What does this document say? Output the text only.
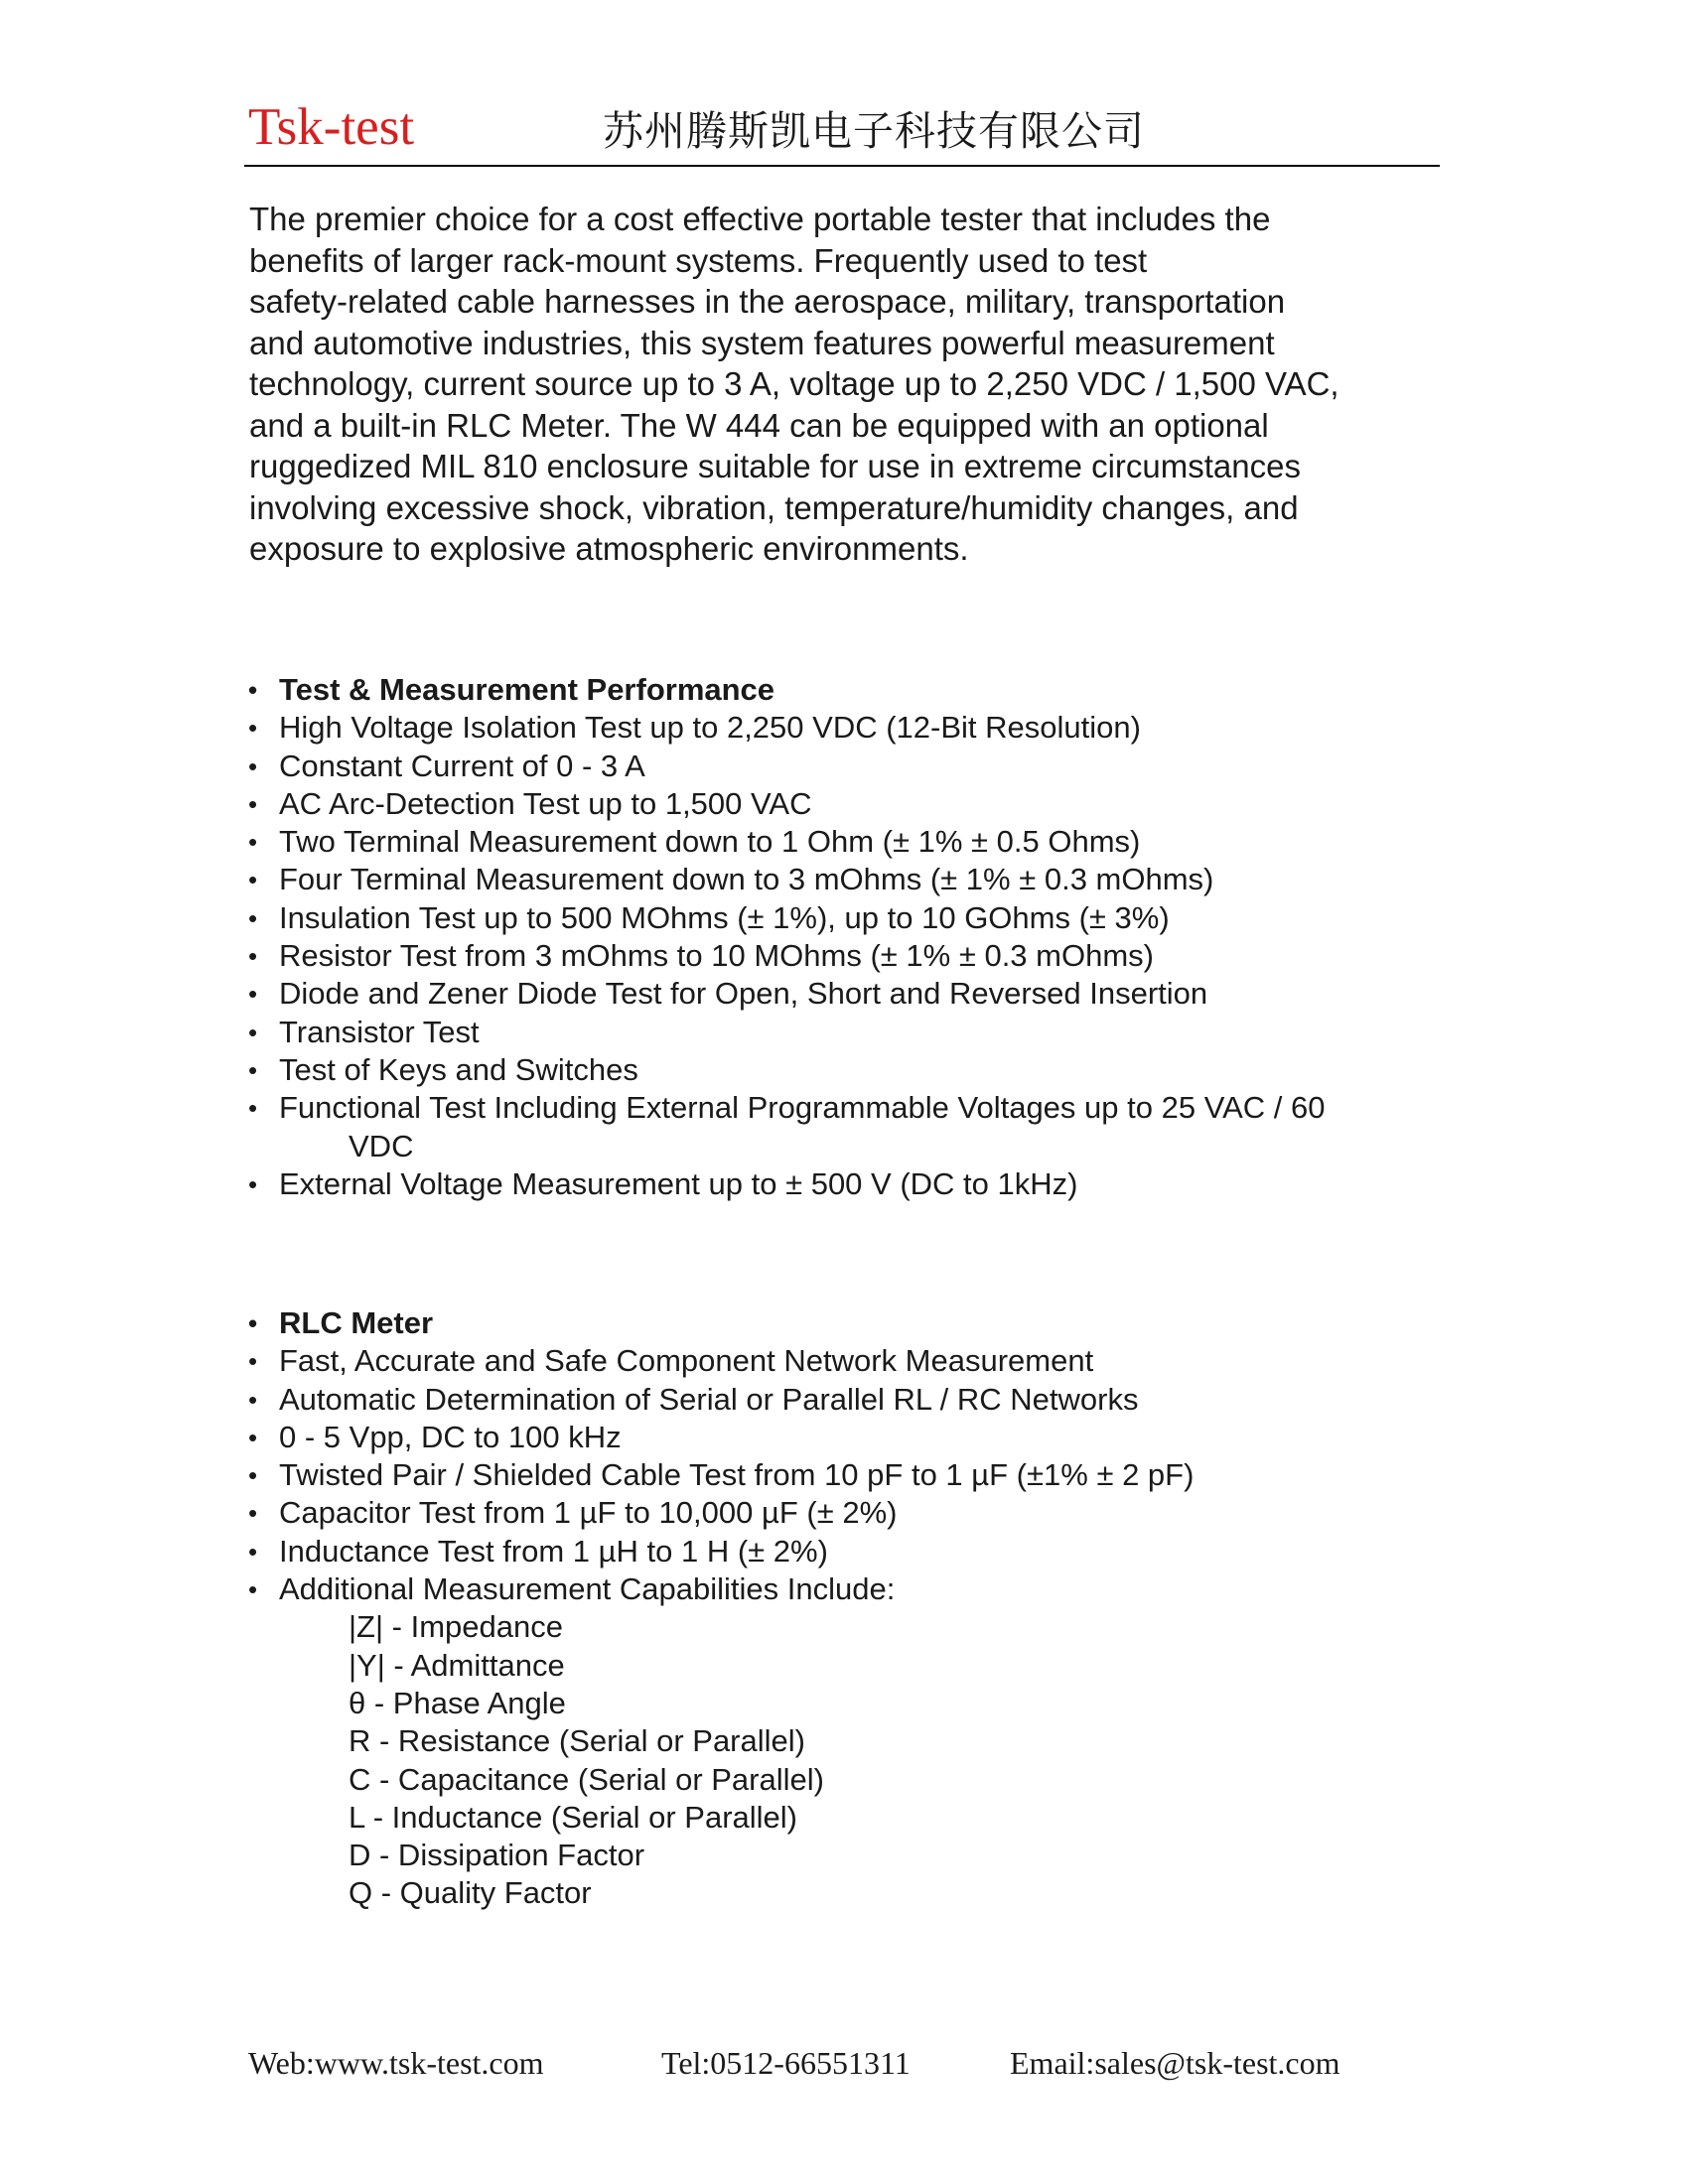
Tsk-test	苏州腾斯凯电子科技有限公司

The premier choice for a cost effective portable tester that includes the
benefits of larger rack-mount systems. Frequently used to test
safety-related cable harnesses in the aerospace, military, transportation
and automotive industries, this system features powerful measurement
technology, current source up to 3 A, voltage up to 2,250 VDC / 1,500 VAC,
and a built-in RLC Meter. The W 444 can be equipped with an optional
ruggedized MIL 810 enclosure suitable for use in extreme circumstances
involving excessive shock, vibration, temperature/humidity changes, and
exposure to explosive atmospheric environments.

• Test & Measurement Performance
• High Voltage Isolation Test up to 2,250 VDC (12-Bit Resolution)
• Constant Current of 0 - 3 A
• AC Arc-Detection Test up to 1,500 VAC
• Two Terminal Measurement down to 1 Ohm (± 1% ± 0.5 Ohms)
• Four Terminal Measurement down to 3 mOhms (± 1% ± 0.3 mOhms)
• Insulation Test up to 500 MOhms (± 1%), up to 10 GOhms (± 3%)
• Resistor Test from 3 mOhms to 10 MOhms (± 1% ± 0.3 mOhms)
• Diode and Zener Diode Test for Open, Short and Reversed Insertion
• Transistor Test
• Test of Keys and Switches
• Functional Test Including External Programmable Voltages up to 25 VAC / 60
VDC
• External Voltage Measurement up to ± 500 V (DC to 1kHz)
• RLC Meter
• Fast, Accurate and Safe Component Network Measurement
• Automatic Determination of Serial or Parallel RL / RC Networks
• 0 - 5 Vpp, DC to 100 kHz
• Twisted Pair / Shielded Cable Test from 10 pF to 1 µF (±1% ± 2 pF)
• Capacitor Test from 1 µF to 10,000 µF (± 2%)
• Inductance Test from 1 µH to 1 H (± 2%)
• Additional Measurement Capabilities Include:
|Z| - Impedance
|Y| - Admittance
θ - Phase Angle
R - Resistance (Serial or Parallel)
C - Capacitance (Serial or Parallel)
L - Inductance (Serial or Parallel)
D - Dissipation Factor
Q - Quality Factor
Web:www.tsk-test.com	Tel:0512-66551311	Email:sales@tsk-test.com
